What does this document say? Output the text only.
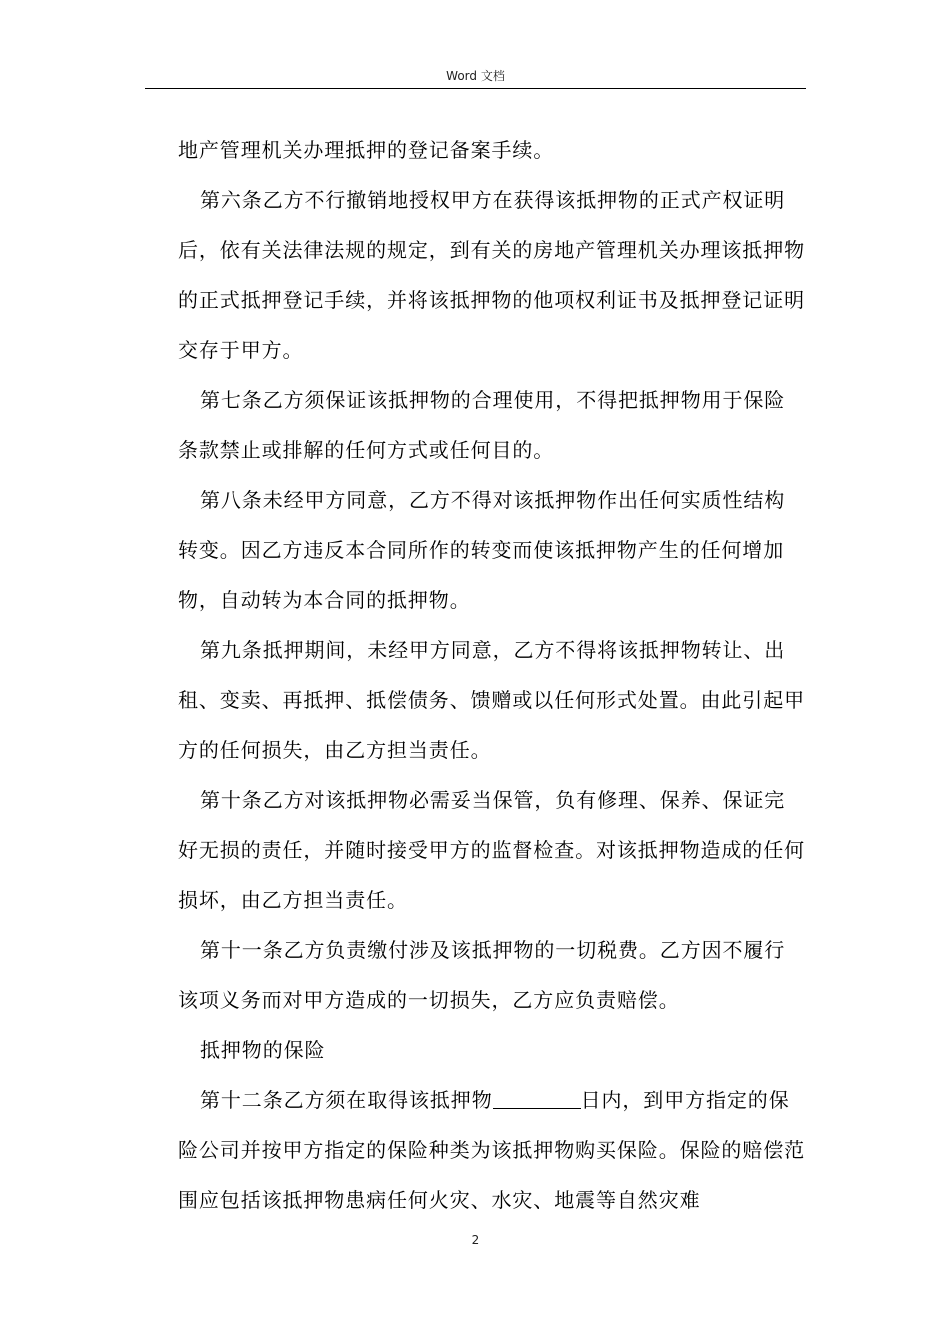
Word 文档

地产管理机关办理抵押的登记备案手续。

第六条乙方不行撤销地授权甲方在获得该抵押物的正式产权证明后，依有关法律法规的规定，到有关的房地产管理机关办理该抵押物的正式抵押登记手续，并将该抵押物的他项权利证书及抵押登记证明交存于甲方。

第七条乙方须保证该抵押物的合理使用，不得把抵押物用于保险条款禁止或排解的任何方式或任何目的。

第八条未经甲方同意，乙方不得对该抵押物作出任何实质性结构转变。因乙方违反本合同所作的转变而使该抵押物产生的任何增加物，自动转为本合同的抵押物。

第九条抵押期间，未经甲方同意，乙方不得将该抵押物转让、出租、变卖、再抵押、抵偿债务、馈赠或以任何形式处置。由此引起甲方的任何损失，由乙方担当责任。

第十条乙方对该抵押物必需妥当保管，负有修理、保养、保证完好无损的责任，并随时接受甲方的监督检查。对该抵押物造成的任何损坏，由乙方担当责任。

第十一条乙方负责缴付涉及该抵押物的一切税费。乙方因不履行该项义务而对甲方造成的一切损失，乙方应负责赔偿。

抵押物的保险

第十二条乙方须在取得该抵押物	日内，到甲方指定的保险公司并按甲方指定的保险种类为该抵押物购买保险。保险的赔偿范围应包括该抵押物患病任何火灾、水灾、地震等自然灾难

2
